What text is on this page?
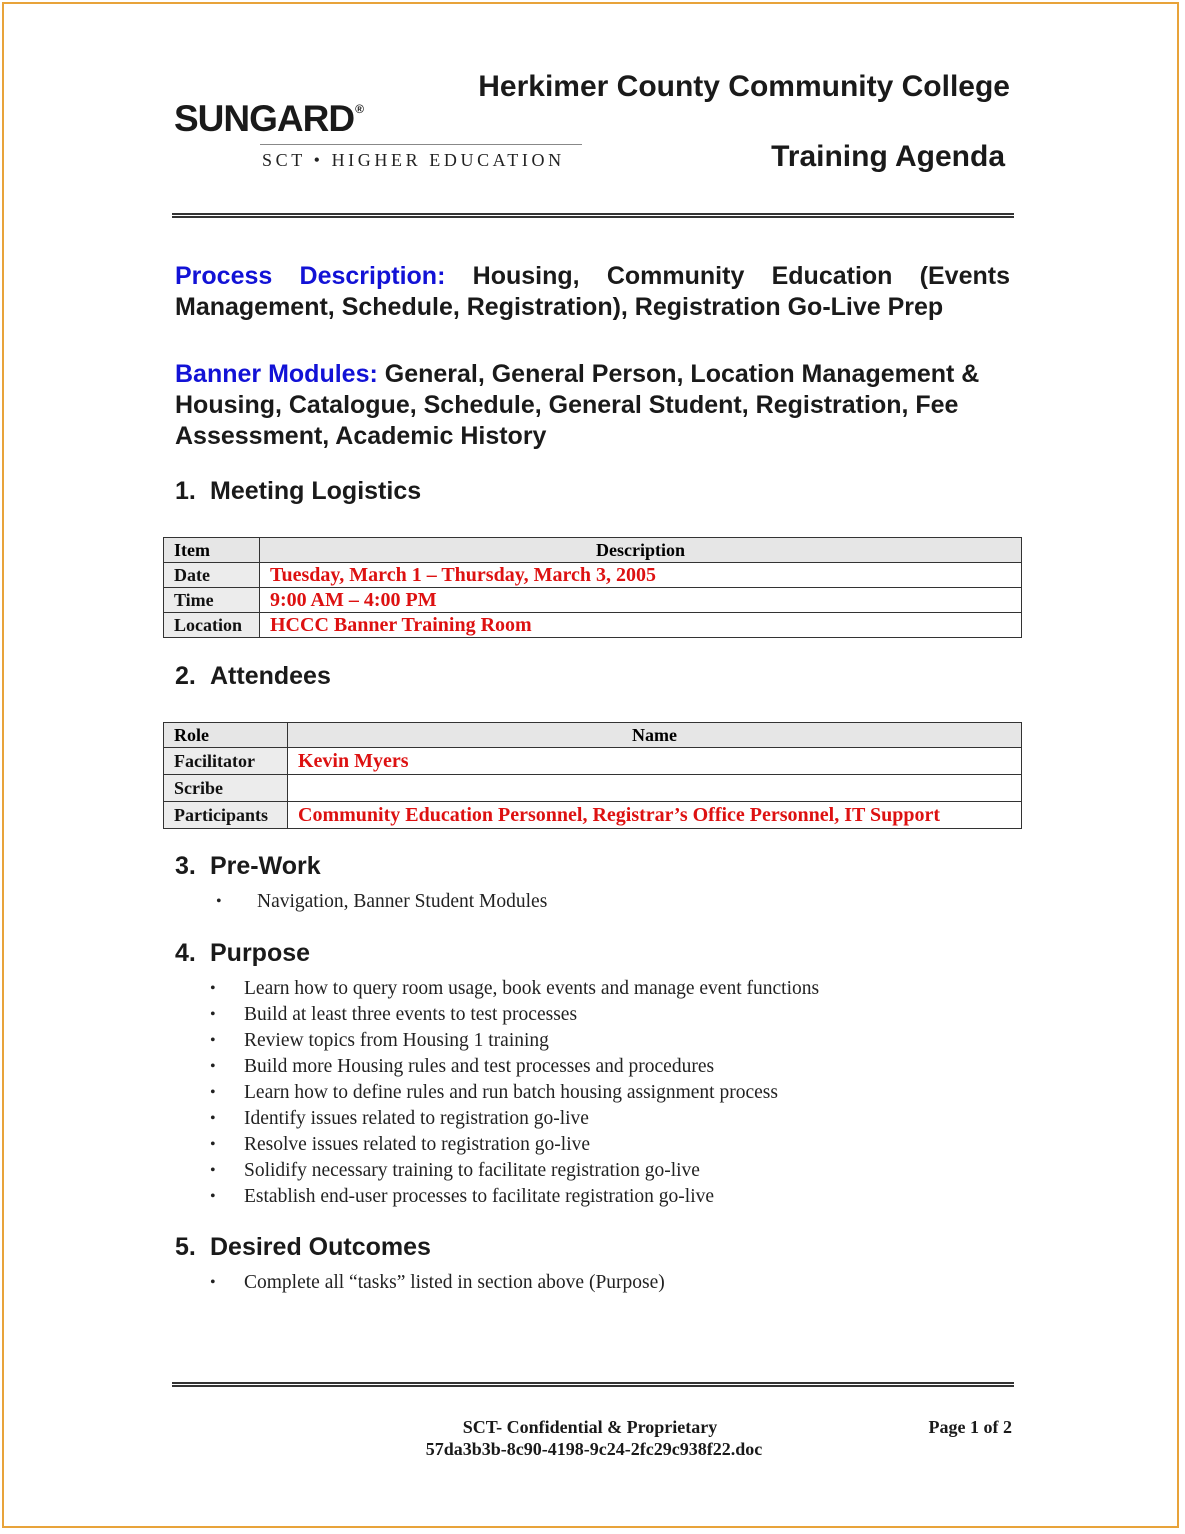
SUNGARD®
SCT • HIGHER EDUCATION
Herkimer County Community College
Training Agenda
Process Description: Housing, Community Education (Events Management, Schedule, Registration), Registration Go-Live Prep
Banner Modules: General, General Person, Location Management & Housing, Catalogue, Schedule, General Student, Registration, Fee Assessment, Academic History
1. Meeting Logistics
Item	Description
Date	Tuesday, March 1 – Thursday, March 3, 2005
Time	9:00 AM – 4:00 PM
Location	HCCC Banner Training Room
2. Attendees
Role	Name
Facilitator	Kevin Myers
Scribe	
Participants	Community Education Personnel, Registrar’s Office Personnel, IT Support
3. Pre-Work
• Navigation, Banner Student Modules
4. Purpose
• Learn how to query room usage, book events and manage event functions
• Build at least three events to test processes
• Review topics from Housing 1 training
• Build more Housing rules and test processes and procedures
• Learn how to define rules and run batch housing assignment process
• Identify issues related to registration go-live
• Resolve issues related to registration go-live
• Solidify necessary training to facilitate registration go-live
• Establish end-user processes to facilitate registration go-live
5. Desired Outcomes
• Complete all “tasks” listed in section above (Purpose)
SCT- Confidential & Proprietary
57da3b3b-8c90-4198-9c24-2fc29c938f22.doc
Page 1 of 2
